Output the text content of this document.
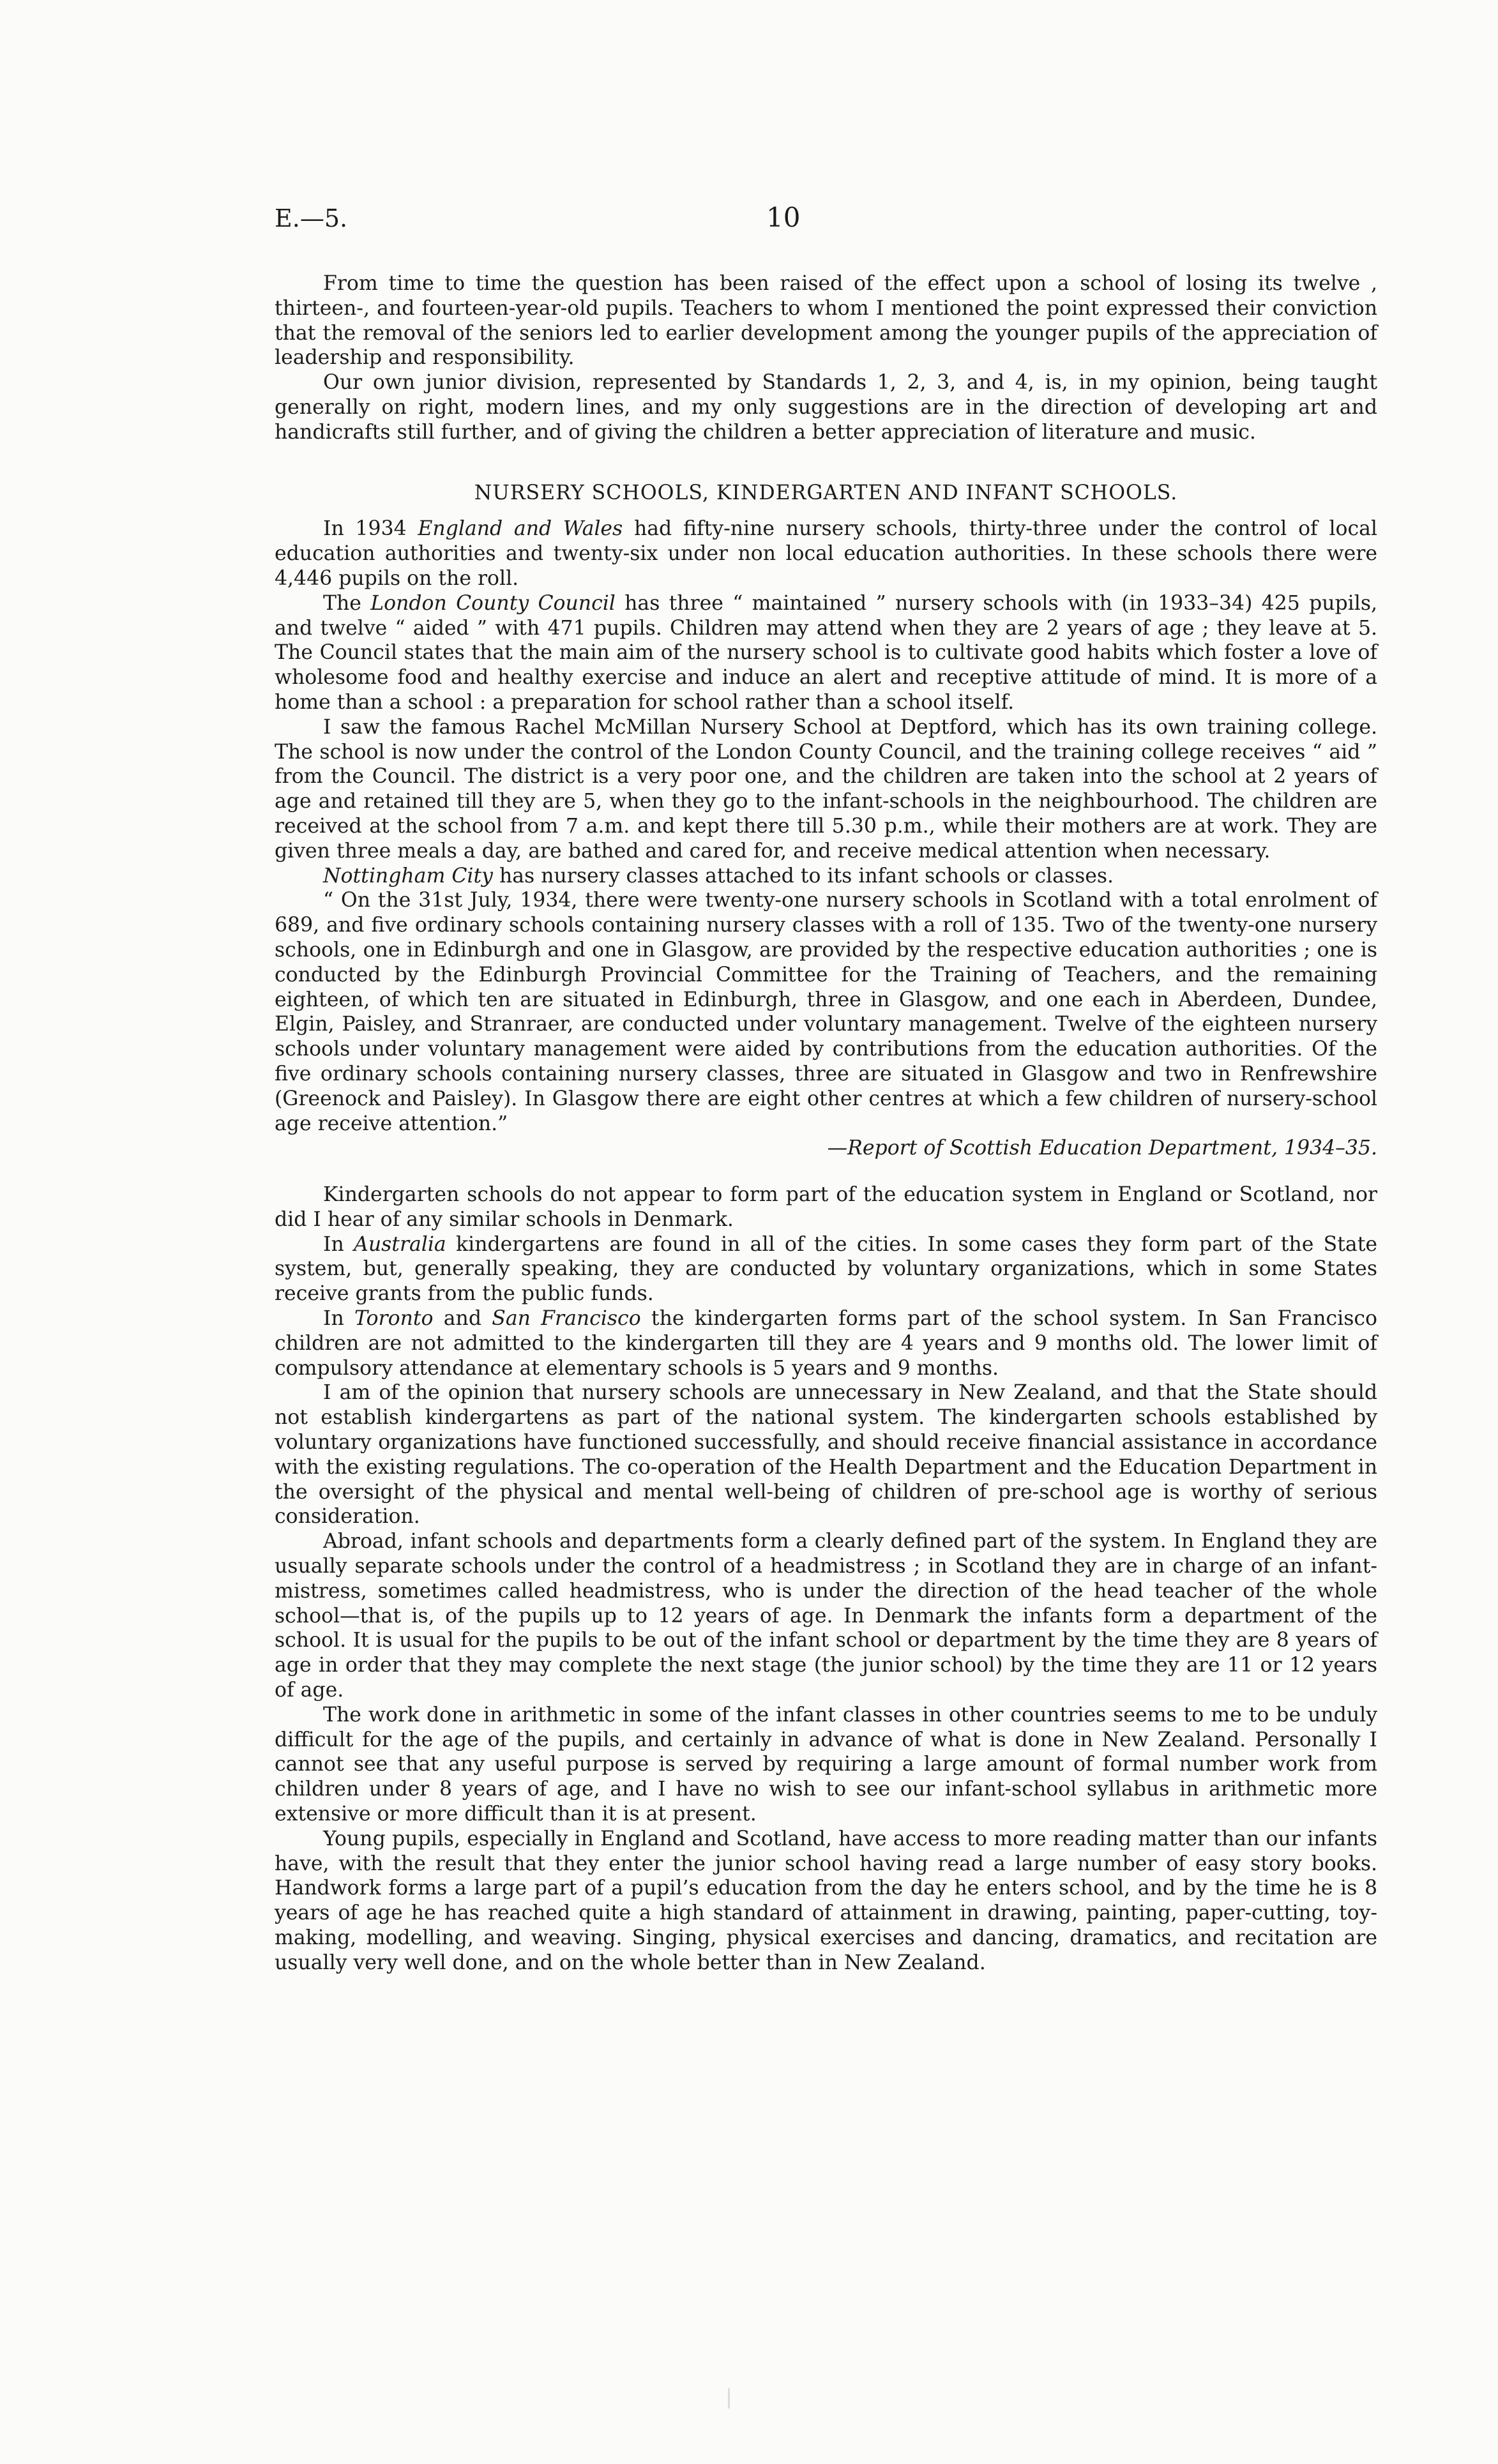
E.—5.	10

From time to time the question has been raised of the effect upon a school of losing its twelve , thirteen-, and fourteen-year-old pupils. Teachers to whom I mentioned the point expressed their conviction that the removal of the seniors led to earlier development among the younger pupils of the appreciation of leadership and responsibility.

Our own junior division, represented by Standards 1, 2, 3, and 4, is, in my opinion, being taught generally on right, modern lines, and my only suggestions are in the direction of developing art and handicrafts still further, and of giving the children a better appreciation of literature and music.

NURSERY SCHOOLS, KINDERGARTEN AND INFANT SCHOOLS.

In 1934 England and Wales had fifty-nine nursery schools, thirty-three under the control of local education authorities and twenty-six under non local education authorities. In these schools there were 4,446 pupils on the roll.

The London County Council has three “ maintained ” nursery schools with (in 1933–34) 425 pupils, and twelve “ aided ” with 471 pupils. Children may attend when they are 2 years of age ; they leave at 5. The Council states that the main aim of the nursery school is to cultivate good habits which foster a love of wholesome food and healthy exercise and induce an alert and receptive attitude of mind. It is more of a home than a school : a preparation for school rather than a school itself.

I saw the famous Rachel McMillan Nursery School at Deptford, which has its own training college. The school is now under the control of the London County Council, and the training college receives “ aid ” from the Council. The district is a very poor one, and the children are taken into the school at 2 years of age and retained till they are 5, when they go to the infant-schools in the neighbourhood. The children are received at the school from 7 a.m. and kept there till 5.30 p.m., while their mothers are at work. They are given three meals a day, are bathed and cared for, and receive medical attention when necessary.

Nottingham City has nursery classes attached to its infant schools or classes.

“ On the 31st July, 1934, there were twenty-one nursery schools in Scotland with a total enrolment of 689, and five ordinary schools containing nursery classes with a roll of 135. Two of the twenty-one nursery schools, one in Edinburgh and one in Glasgow, are provided by the respective education authorities ; one is conducted by the Edinburgh Provincial Committee for the Training of Teachers, and the remaining eighteen, of which ten are situated in Edinburgh, three in Glasgow, and one each in Aberdeen, Dundee, Elgin, Paisley, and Stranraer, are conducted under voluntary management. Twelve of the eighteen nursery schools under voluntary management were aided by contributions from the education authorities. Of the five ordinary schools containing nursery classes, three are situated in Glasgow and two in Renfrewshire (Greenock and Paisley). In Glasgow there are eight other centres at which a few children of nursery-school age receive attention.”

—Report of Scottish Education Department, 1934–35.

Kindergarten schools do not appear to form part of the education system in England or Scotland, nor did I hear of any similar schools in Denmark.

In Australia kindergartens are found in all of the cities. In some cases they form part of the State system, but, generally speaking, they are conducted by voluntary organizations, which in some States receive grants from the public funds.

In Toronto and San Francisco the kindergarten forms part of the school system. In San Francisco children are not admitted to the kindergarten till they are 4 years and 9 months old. The lower limit of compulsory attendance at elementary schools is 5 years and 9 months.

I am of the opinion that nursery schools are unnecessary in New Zealand, and that the State should not establish kindergartens as part of the national system. The kindergarten schools established by voluntary organizations have functioned successfully, and should receive financial assistance in accordance with the existing regulations. The co-operation of the Health Department and the Education Department in the oversight of the physical and mental well-being of children of pre-school age is worthy of serious consideration.

Abroad, infant schools and departments form a clearly defined part of the system. In England they are usually separate schools under the control of a headmistress ; in Scotland they are in charge of an infant-mistress, sometimes called headmistress, who is under the direction of the head teacher of the whole school—that is, of the pupils up to 12 years of age. In Denmark the infants form a department of the school. It is usual for the pupils to be out of the infant school or department by the time they are 8 years of age in order that they may complete the next stage (the junior school) by the time they are 11 or 12 years of age.

The work done in arithmetic in some of the infant classes in other countries seems to me to be unduly difficult for the age of the pupils, and certainly in advance of what is done in New Zealand. Personally I cannot see that any useful purpose is served by requiring a large amount of formal number work from children under 8 years of age, and I have no wish to see our infant-school syllabus in arithmetic more extensive or more difficult than it is at present.

Young pupils, especially in England and Scotland, have access to more reading matter than our infants have, with the result that they enter the junior school having read a large number of easy story books. Handwork forms a large part of a pupil’s education from the day he enters school, and by the time he is 8 years of age he has reached quite a high standard of attainment in drawing, painting, paper-cutting, toy-making, modelling, and weaving. Singing, physical exercises and dancing, dramatics, and recitation are usually very well done, and on the whole better than in New Zealand.
